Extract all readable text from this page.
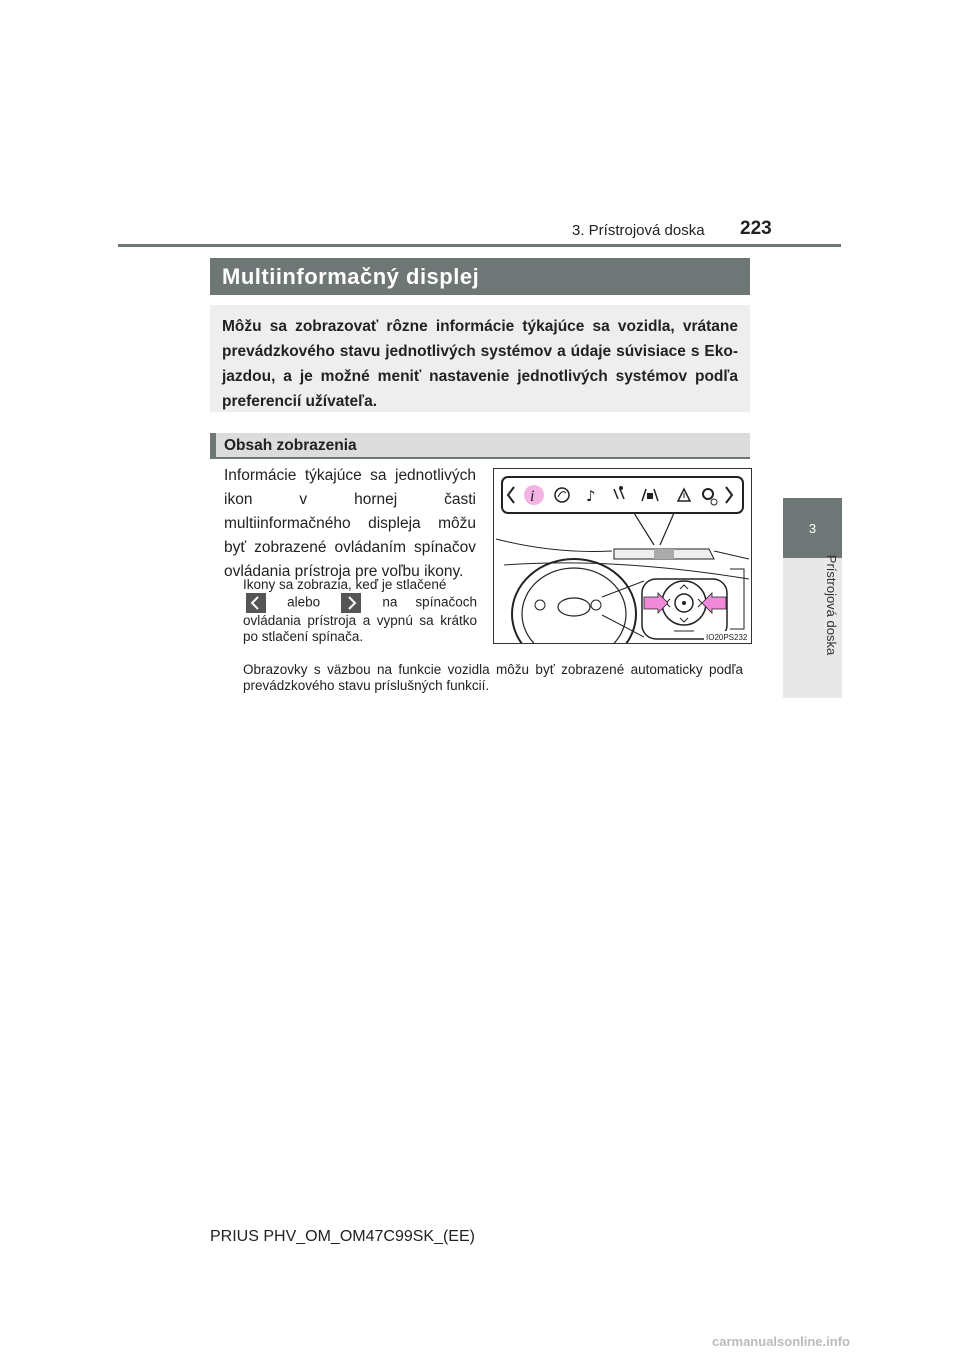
3. Prístrojová doska 223
3
Prístrojová doska
Multiinformačný displej
Môžu sa zobrazovať rôzne informácie týkajúce sa vozidla, vrátane prevádzkového stavu jednotlivých systémov a údaje súvisiace s Eko-jazdou, a je možné meniť nastavenie jednotlivých systémov podľa preferencií užívateľa.
Obsah zobrazenia
Informácie týkajúce sa jednotlivých ikon v hornej časti multiinformačného displeja môžu byť zobrazené ovládaním spínačov ovládania prístroja pre voľbu ikony.
Ikony sa zobrazia, keď je stlačené
alebo	na spínačoch ovládania prístroja a vypnú sa krátko po stlačení spínača.
Obrazovky s väzbou na funkcie vozidla môžu byť zobrazené automaticky podľa prevádzkového stavu príslušných funkcií.
i	♪
IO20PS232
PRIUS PHV_OM_OM47C99SK_(EE)
carmanualsonline.info
